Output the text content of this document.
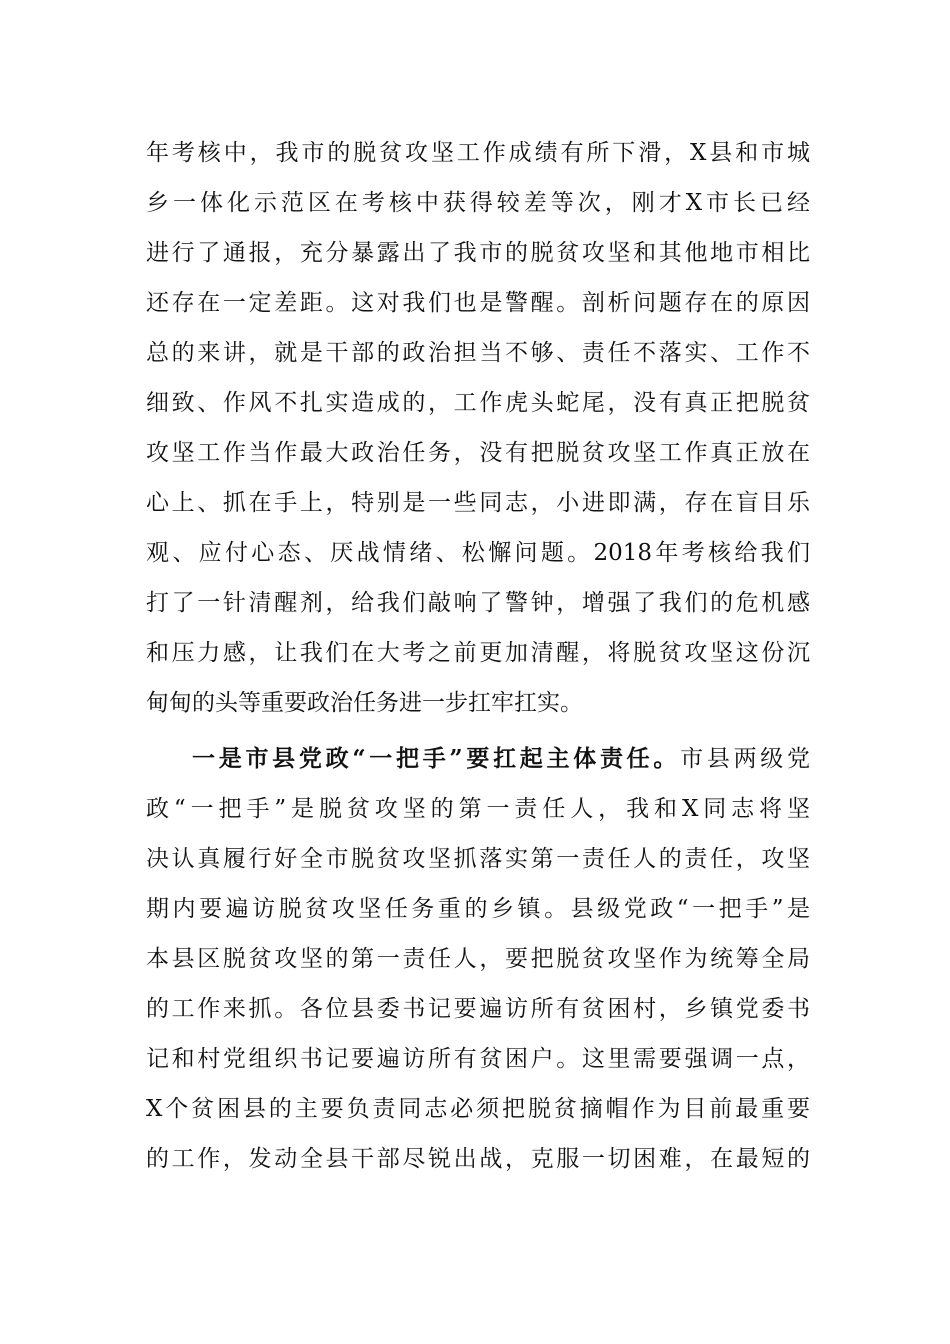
年考核中，我市的脱贫攻坚工作成绩有所下滑，X县和市城
乡一体化示范区在考核中获得较差等次，刚才X市长已经
进行了通报，充分暴露出了我市的脱贫攻坚和其他地市相比
还存在一定差距。这对我们也是警醒。剖析问题存在的原因
总的来讲，就是干部的政治担当不够、责任不落实、工作不
细致、作风不扎实造成的，工作虎头蛇尾，没有真正把脱贫
攻坚工作当作最大政治任务，没有把脱贫攻坚工作真正放在
心上、抓在手上，特别是一些同志，小进即满，存在盲目乐
观、应付心态、厌战情绪、松懈问题。2018年考核给我们
打了一针清醒剂，给我们敲响了警钟，增强了我们的危机感
和压力感，让我们在大考之前更加清醒，将脱贫攻坚这份沉
甸甸的头等重要政治任务进一步扛牢扛实。
一是市县党政“一把手”要扛起主体责任。市县两级党
政“一把手”是脱贫攻坚的第一责任人，我和X同志将坚
决认真履行好全市脱贫攻坚抓落实第一责任人的责任，攻坚
期内要遍访脱贫攻坚任务重的乡镇。县级党政“一把手”是
本县区脱贫攻坚的第一责任人，要把脱贫攻坚作为统筹全局
的工作来抓。各位县委书记要遍访所有贫困村，乡镇党委书
记和村党组织书记要遍访所有贫困户。这里需要强调一点，
X个贫困县的主要负责同志必须把脱贫摘帽作为目前最重要
的工作，发动全县干部尽锐出战，克服一切困难，在最短的
